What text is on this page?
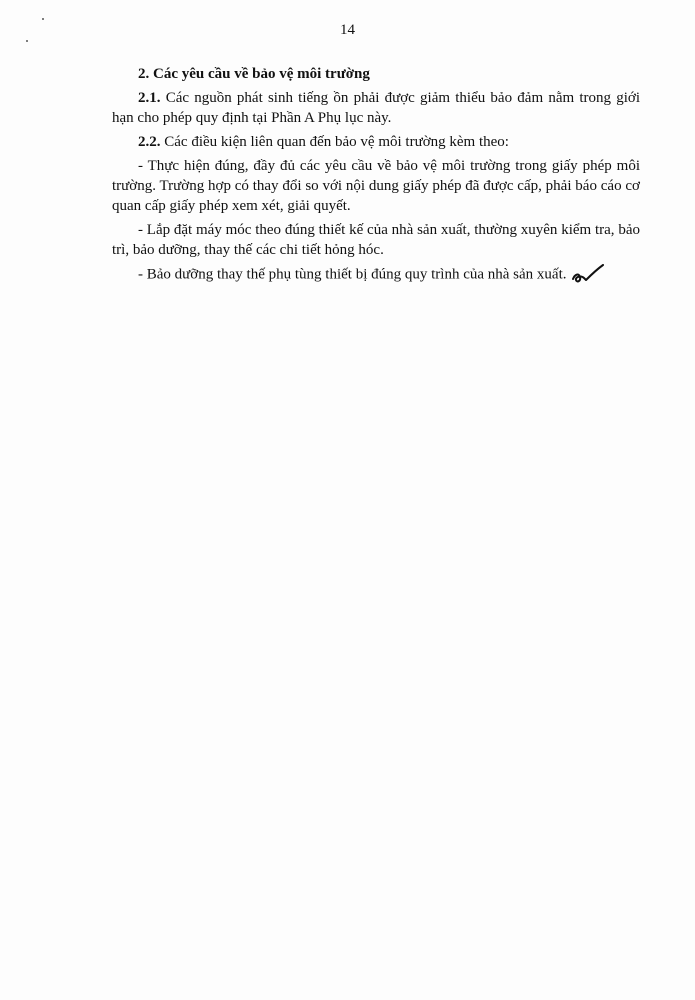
14

2. Các yêu cầu về bảo vệ môi trường

2.1. Các nguồn phát sinh tiếng ồn phải được giảm thiểu bảo đảm nằm trong giới hạn cho phép quy định tại Phần A Phụ lục này.

2.2. Các điều kiện liên quan đến bảo vệ môi trường kèm theo:

- Thực hiện đúng, đầy đủ các yêu cầu về bảo vệ môi trường trong giấy phép môi trường. Trường hợp có thay đổi so với nội dung giấy phép đã được cấp, phải báo cáo cơ quan cấp giấy phép xem xét, giải quyết.

- Lắp đặt máy móc theo đúng thiết kế của nhà sản xuất, thường xuyên kiểm tra, bảo trì, bảo dưỡng, thay thế các chi tiết hỏng hóc.

- Bảo dưỡng thay thế phụ tùng thiết bị đúng quy trình của nhà sản xuất.
